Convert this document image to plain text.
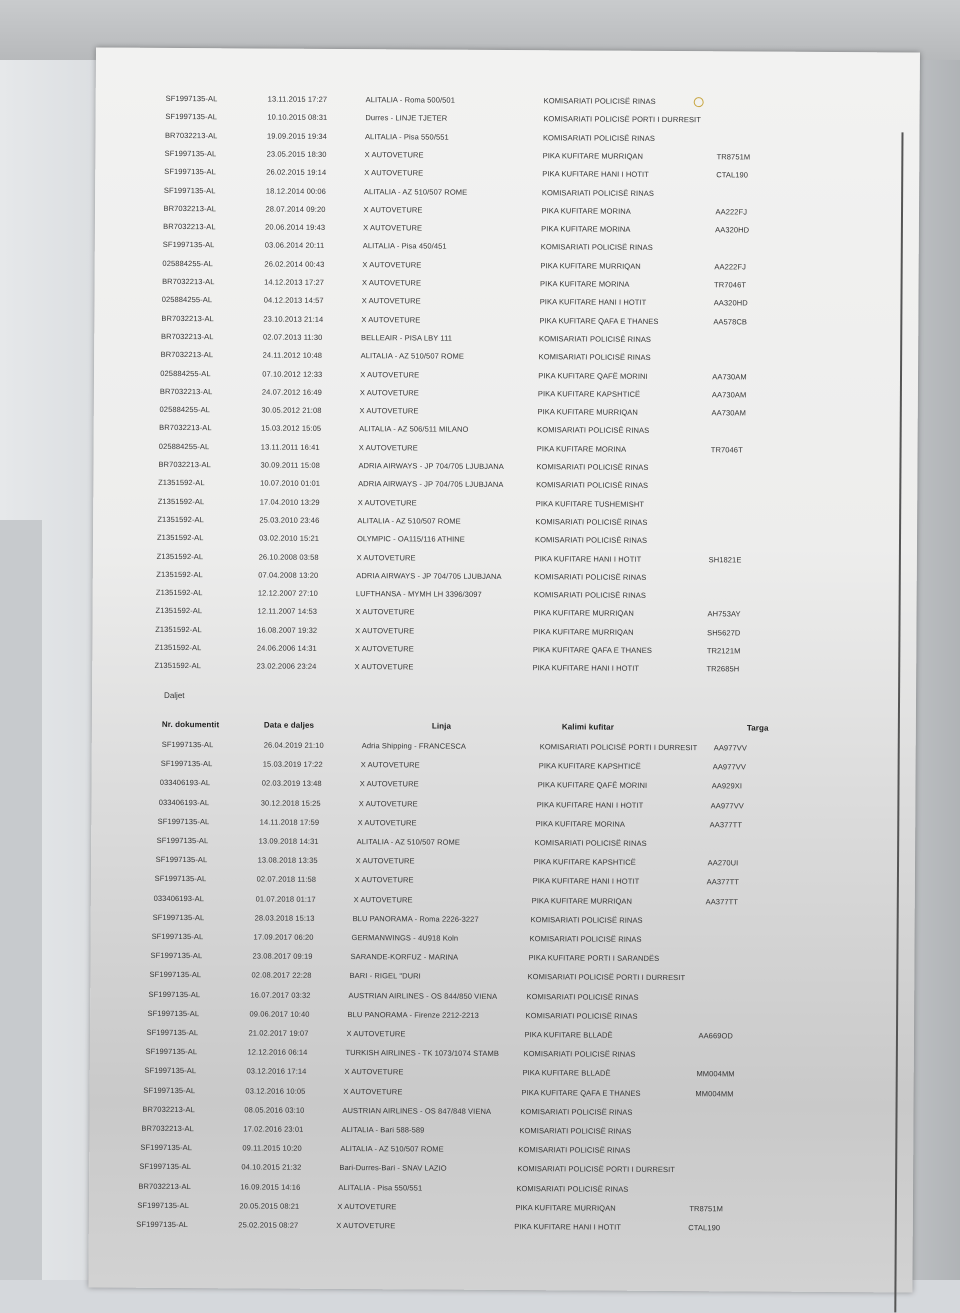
SF1997135-AL	13.11.2015 17:27	ALITALIA - Roma 500/501	KOMISARIATI POLICISË RINAS
SF1997135-AL	10.10.2015 08:31	Durres - LINJE TJETER	KOMISARIATI POLICISË PORTI I DURRESIT
BR7032213-AL	19.09.2015 19:34	ALITALIA - Pisa 550/551	KOMISARIATI POLICISË RINAS
SF1997135-AL	23.05.2015 18:30	X AUTOVETURE	PIKA KUFITARE MURRIQAN	TR8751M
SF1997135-AL	26.02.2015 19:14	X AUTOVETURE	PIKA KUFITARE HANI I HOTIT	CTAL190
SF1997135-AL	18.12.2014 00:06	ALITALIA - AZ 510/507 ROME	KOMISARIATI POLICISË RINAS
BR7032213-AL	28.07.2014 09:20	X AUTOVETURE	PIKA KUFITARE MORINA	AA222FJ
BR7032213-AL	20.06.2014 19:43	X AUTOVETURE	PIKA KUFITARE MORINA	AA320HD
SF1997135-AL	03.06.2014 20:11	ALITALIA - Pisa 450/451	KOMISARIATI POLICISË RINAS
025884255-AL	26.02.2014 00:43	X AUTOVETURE	PIKA KUFITARE MURRIQAN	AA222FJ
BR7032213-AL	14.12.2013 17:27	X AUTOVETURE	PIKA KUFITARE MORINA	TR7046T
025884255-AL	04.12.2013 14:57	X AUTOVETURE	PIKA KUFITARE HANI I HOTIT	AA320HD
BR7032213-AL	23.10.2013 21:14	X AUTOVETURE	PIKA KUFITARE QAFA E THANES	AA578CB
BR7032213-AL	02.07.2013 11:30	BELLEAIR - PISA LBY 111	KOMISARIATI POLICISË RINAS
BR7032213-AL	24.11.2012 10:48	ALITALIA - AZ 510/507 ROME	KOMISARIATI POLICISË RINAS
025884255-AL	07.10.2012 12:33	X AUTOVETURE	PIKA KUFITARE QAFË MORINI	AA730AM
BR7032213-AL	24.07.2012 16:49	X AUTOVETURE	PIKA KUFITARE KAPSHTICË	AA730AM
025884255-AL	30.05.2012 21:08	X AUTOVETURE	PIKA KUFITARE MURRIQAN	AA730AM
BR7032213-AL	15.03.2012 15:05	ALITALIA - AZ 506/511 MILANO	KOMISARIATI POLICISË RINAS
025884255-AL	13.11.2011 16:41	X AUTOVETURE	PIKA KUFITARE MORINA	TR7046T
BR7032213-AL	30.09.2011 15:08	ADRIA AIRWAYS - JP 704/705 LJUBJANA	KOMISARIATI POLICISË RINAS
Z1351592-AL	10.07.2010 01:01	ADRIA AIRWAYS - JP 704/705 LJUBJANA	KOMISARIATI POLICISË RINAS
Z1351592-AL	17.04.2010 13:29	X AUTOVETURE	PIKA KUFITARE TUSHEMISHT
Z1351592-AL	25.03.2010 23:46	ALITALIA - AZ 510/507 ROME	KOMISARIATI POLICISË RINAS
Z1351592-AL	03.02.2010 15:21	OLYMPIC - OA115/116 ATHINE	KOMISARIATI POLICISË RINAS
Z1351592-AL	26.10.2008 03:58	X AUTOVETURE	PIKA KUFITARE HANI I HOTIT	SH1821E
Z1351592-AL	07.04.2008 13:20	ADRIA AIRWAYS - JP 704/705 LJUBJANA	KOMISARIATI POLICISË RINAS
Z1351592-AL	12.12.2007 27:10	LUFTHANSA - MYMH LH 3396/3097	KOMISARIATI POLICISË RINAS
Z1351592-AL	12.11.2007 14:53	X AUTOVETURE	PIKA KUFITARE MURRIQAN	AH753AY
Z1351592-AL	16.08.2007 19:32	X AUTOVETURE	PIKA KUFITARE MURRIQAN	SH5627D
Z1351592-AL	24.06.2006 14:31	X AUTOVETURE	PIKA KUFITARE QAFA E THANES	TR2121M
Z1351592-AL	23.02.2006 23:24	X AUTOVETURE	PIKA KUFITARE HANI I HOTIT	TR2685H
Daljet
Nr. dokumentit	Data e daljes	Linja	Kalimi kufitar	Targa
SF1997135-AL	26.04.2019 21:10	Adria Shipping - FRANCESCA	KOMISARIATI POLICISË PORTI I DURRESIT AA977VV
SF1997135-AL	15.03.2019 17:22	X AUTOVETURE	PIKA KUFITARE KAPSHTICË	AA977VV
033406193-AL	02.03.2019 13:48	X AUTOVETURE	PIKA KUFITARE QAFË MORINI	AA929XI
033406193-AL	30.12.2018 15:25	X AUTOVETURE	PIKA KUFITARE HANI I HOTIT	AA977VV
SF1997135-AL	14.11.2018 17:59	X AUTOVETURE	PIKA KUFITARE MORINA	AA377TT
SF1997135-AL	13.09.2018 14:31	ALITALIA - AZ 510/507 ROME	KOMISARIATI POLICISË RINAS
SF1997135-AL	13.08.2018 13:35	X AUTOVETURE	PIKA KUFITARE KAPSHTICË	AA270UI
SF1997135-AL	02.07.2018 11:58	X AUTOVETURE	PIKA KUFITARE HANI I HOTIT	AA377TT
033406193-AL	01.07.2018 01:17	X AUTOVETURE	PIKA KUFITARE MURRIQAN	AA377TT
SF1997135-AL	28.03.2018 15:13	BLU PANORAMA - Roma 2226-3227	KOMISARIATI POLICISË RINAS
SF1997135-AL	17.09.2017 06:20	GERMANWINGS - 4U918 Koln	KOMISARIATI POLICISË RINAS
SF1997135-AL	23.08.2017 09:19	SARANDE-KORFUZ - MARINA	PIKA KUFITARE PORTI I SARANDËS
SF1997135-AL	02.08.2017 22:28	BARI - RIGEL "DURI	KOMISARIATI POLICISË PORTI I DURRESIT
SF1997135-AL	16.07.2017 03:32	AUSTRIAN AIRLINES - OS 844/850 VIENA	KOMISARIATI POLICISË RINAS
SF1997135-AL	09.06.2017 10:40	BLU PANORAMA - Firenze 2212-2213	KOMISARIATI POLICISË RINAS
SF1997135-AL	21.02.2017 19:07	X AUTOVETURE	PIKA KUFITARE BLLADË	AA669OD
SF1997135-AL	12.12.2016 06:14	TURKISH AIRLINES - TK 1073/1074 STAMB	KOMISARIATI POLICISË RINAS
SF1997135-AL	03.12.2016 17:14	X AUTOVETURE	PIKA KUFITARE BLLADË	MM004MM
SF1997135-AL	03.12.2016 10:05	X AUTOVETURE	PIKA KUFITARE QAFA E THANES	MM004MM
BR7032213-AL	08.05.2016 03:10	AUSTRIAN AIRLINES - OS 847/848 VIENA	KOMISARIATI POLICISË RINAS
BR7032213-AL	17.02.2016 23:01	ALITALIA - Bari 588-589	KOMISARIATI POLICISË RINAS
SF1997135-AL	09.11.2015 10:20	ALITALIA - AZ 510/507 ROME	KOMISARIATI POLICISË RINAS
SF1997135-AL	04.10.2015 21:32	Bari-Durres-Bari - SNAV LAZIO	KOMISARIATI POLICISË PORTI I DURRESIT
BR7032213-AL	16.09.2015 14:16	ALITALIA - Pisa 550/551	KOMISARIATI POLICISË RINAS
SF1997135-AL	20.05.2015 08:21	X AUTOVETURE	PIKA KUFITARE MURRIQAN	TR8751M
SF1997135-AL	25.02.2015 08:27	X AUTOVETURE	PIKA KUFITARE HANI I HOTIT	CTAL190
